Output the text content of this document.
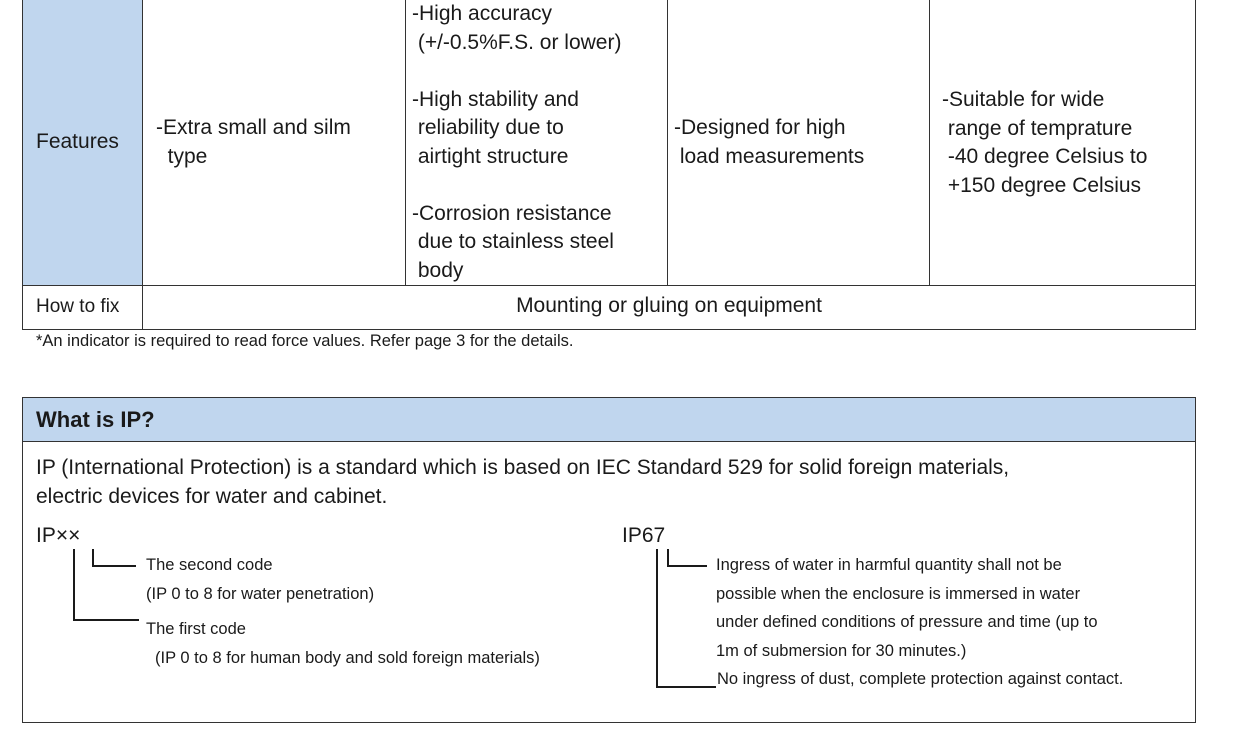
Features
How to fix
-Extra small and silm
type
-High accuracy
(+/-0.5%F.S. or lower)

-High stability and
reliability due to
airtight structure

-Corrosion resistance
due to stainless steel
body
-Designed for high
load measurements
-Suitable for wide
range of temprature
-40 degree Celsius to
+150 degree Celsius
Mounting or gluing on equipment
*An indicator is required to read force values. Refer page 3 for the details.
What is IP?
IP (International Protection) is a standard which is based on IEC Standard 529 for solid foreign materials,
electric devices for water and cabinet.
IP××
The second code
(IP 0 to 8 for water penetration)
The first code
(IP 0 to 8 for human body and sold foreign materials)
IP67
Ingress of water in harmful quantity shall not be
possible when the enclosure is immersed in water
under defined conditions of pressure and time (up to
1m of submersion for 30 minutes.)
No ingress of dust, complete protection against contact.
